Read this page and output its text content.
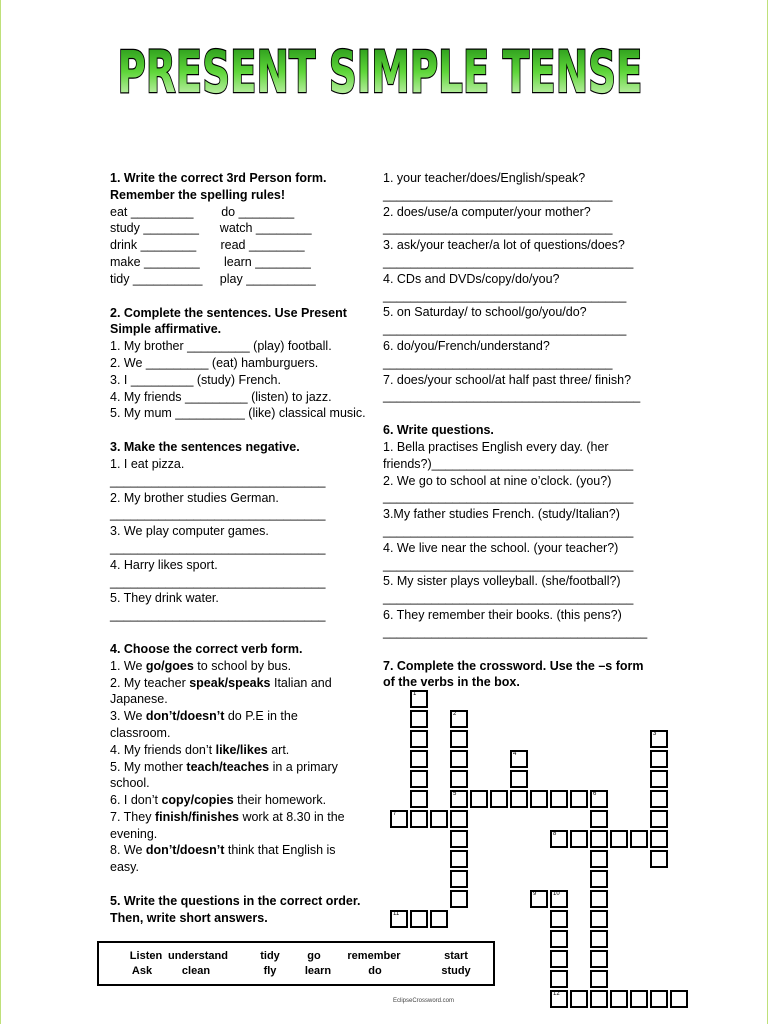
PRESENT SIMPLE TENSE
1. Write the correct 3rd Person form.
Remember the spelling rules!
eat _________        do ________
study ________      watch ________
drink ________       read ________
make ________       learn ________
tidy __________     play __________
2. Complete the sentences. Use Present
Simple affirmative.
1. My brother _________ (play) football.
2. We _________ (eat) hamburguers.
3. I _________ (study) French.
4. My friends _________ (listen) to jazz.
5. My mum __________ (like) classical music.
3. Make the sentences negative.
1. I eat pizza.
_______________________________
2. My brother studies German.
_______________________________
3. We play computer games.
_______________________________
4. Harry likes sport.
_______________________________
5. They drink water.
_______________________________
4. Choose the correct verb form.
1. We go/goes to school by bus.
2. My teacher speak/speaks Italian and
Japanese.
3. We don’t/doesn’t do P.E in the
classroom.
4. My friends don’t like/likes art.
5. My mother teach/teaches in a primary
school.
6. I don’t copy/copies their homework.
7. They finish/finishes work at 8.30 in the
evening.
8. We don’t/doesn’t think that English is
easy.
5. Write the questions in the correct order.
Then, write short answers.
1. your teacher/does/English/speak?
_________________________________
2. does/use/a computer/your mother?
_________________________________
3. ask/your teacher/a lot of questions/does?
____________________________________
4. CDs and DVDs/copy/do/you?
___________________________________
5. on Saturday/ to school/go/you/do?
___________________________________
6. do/you/French/understand?
_________________________________
7. does/your school/at half past three/ finish?
_____________________________________
6. Write questions.
1. Bella practises English every day. (her
friends?)_____________________________
2. We go to school at nine o’clock. (you?)
____________________________________
3.My father studies French. (study/Italian?)
____________________________________
4. We live near the school. (your teacher?)
____________________________________
5. My sister plays volleyball. (she/football?)
____________________________________
6. They remember their books. (this pens?)
______________________________________
7. Complete the crossword. Use the –s form
of the verbs in the box.
1
2
5
3
4
6
7
8
9	10
12
11
Listen understand	tidy	go	remember	start
Ask	clean	fly	learn	do	study
EclipseCrossword.com
